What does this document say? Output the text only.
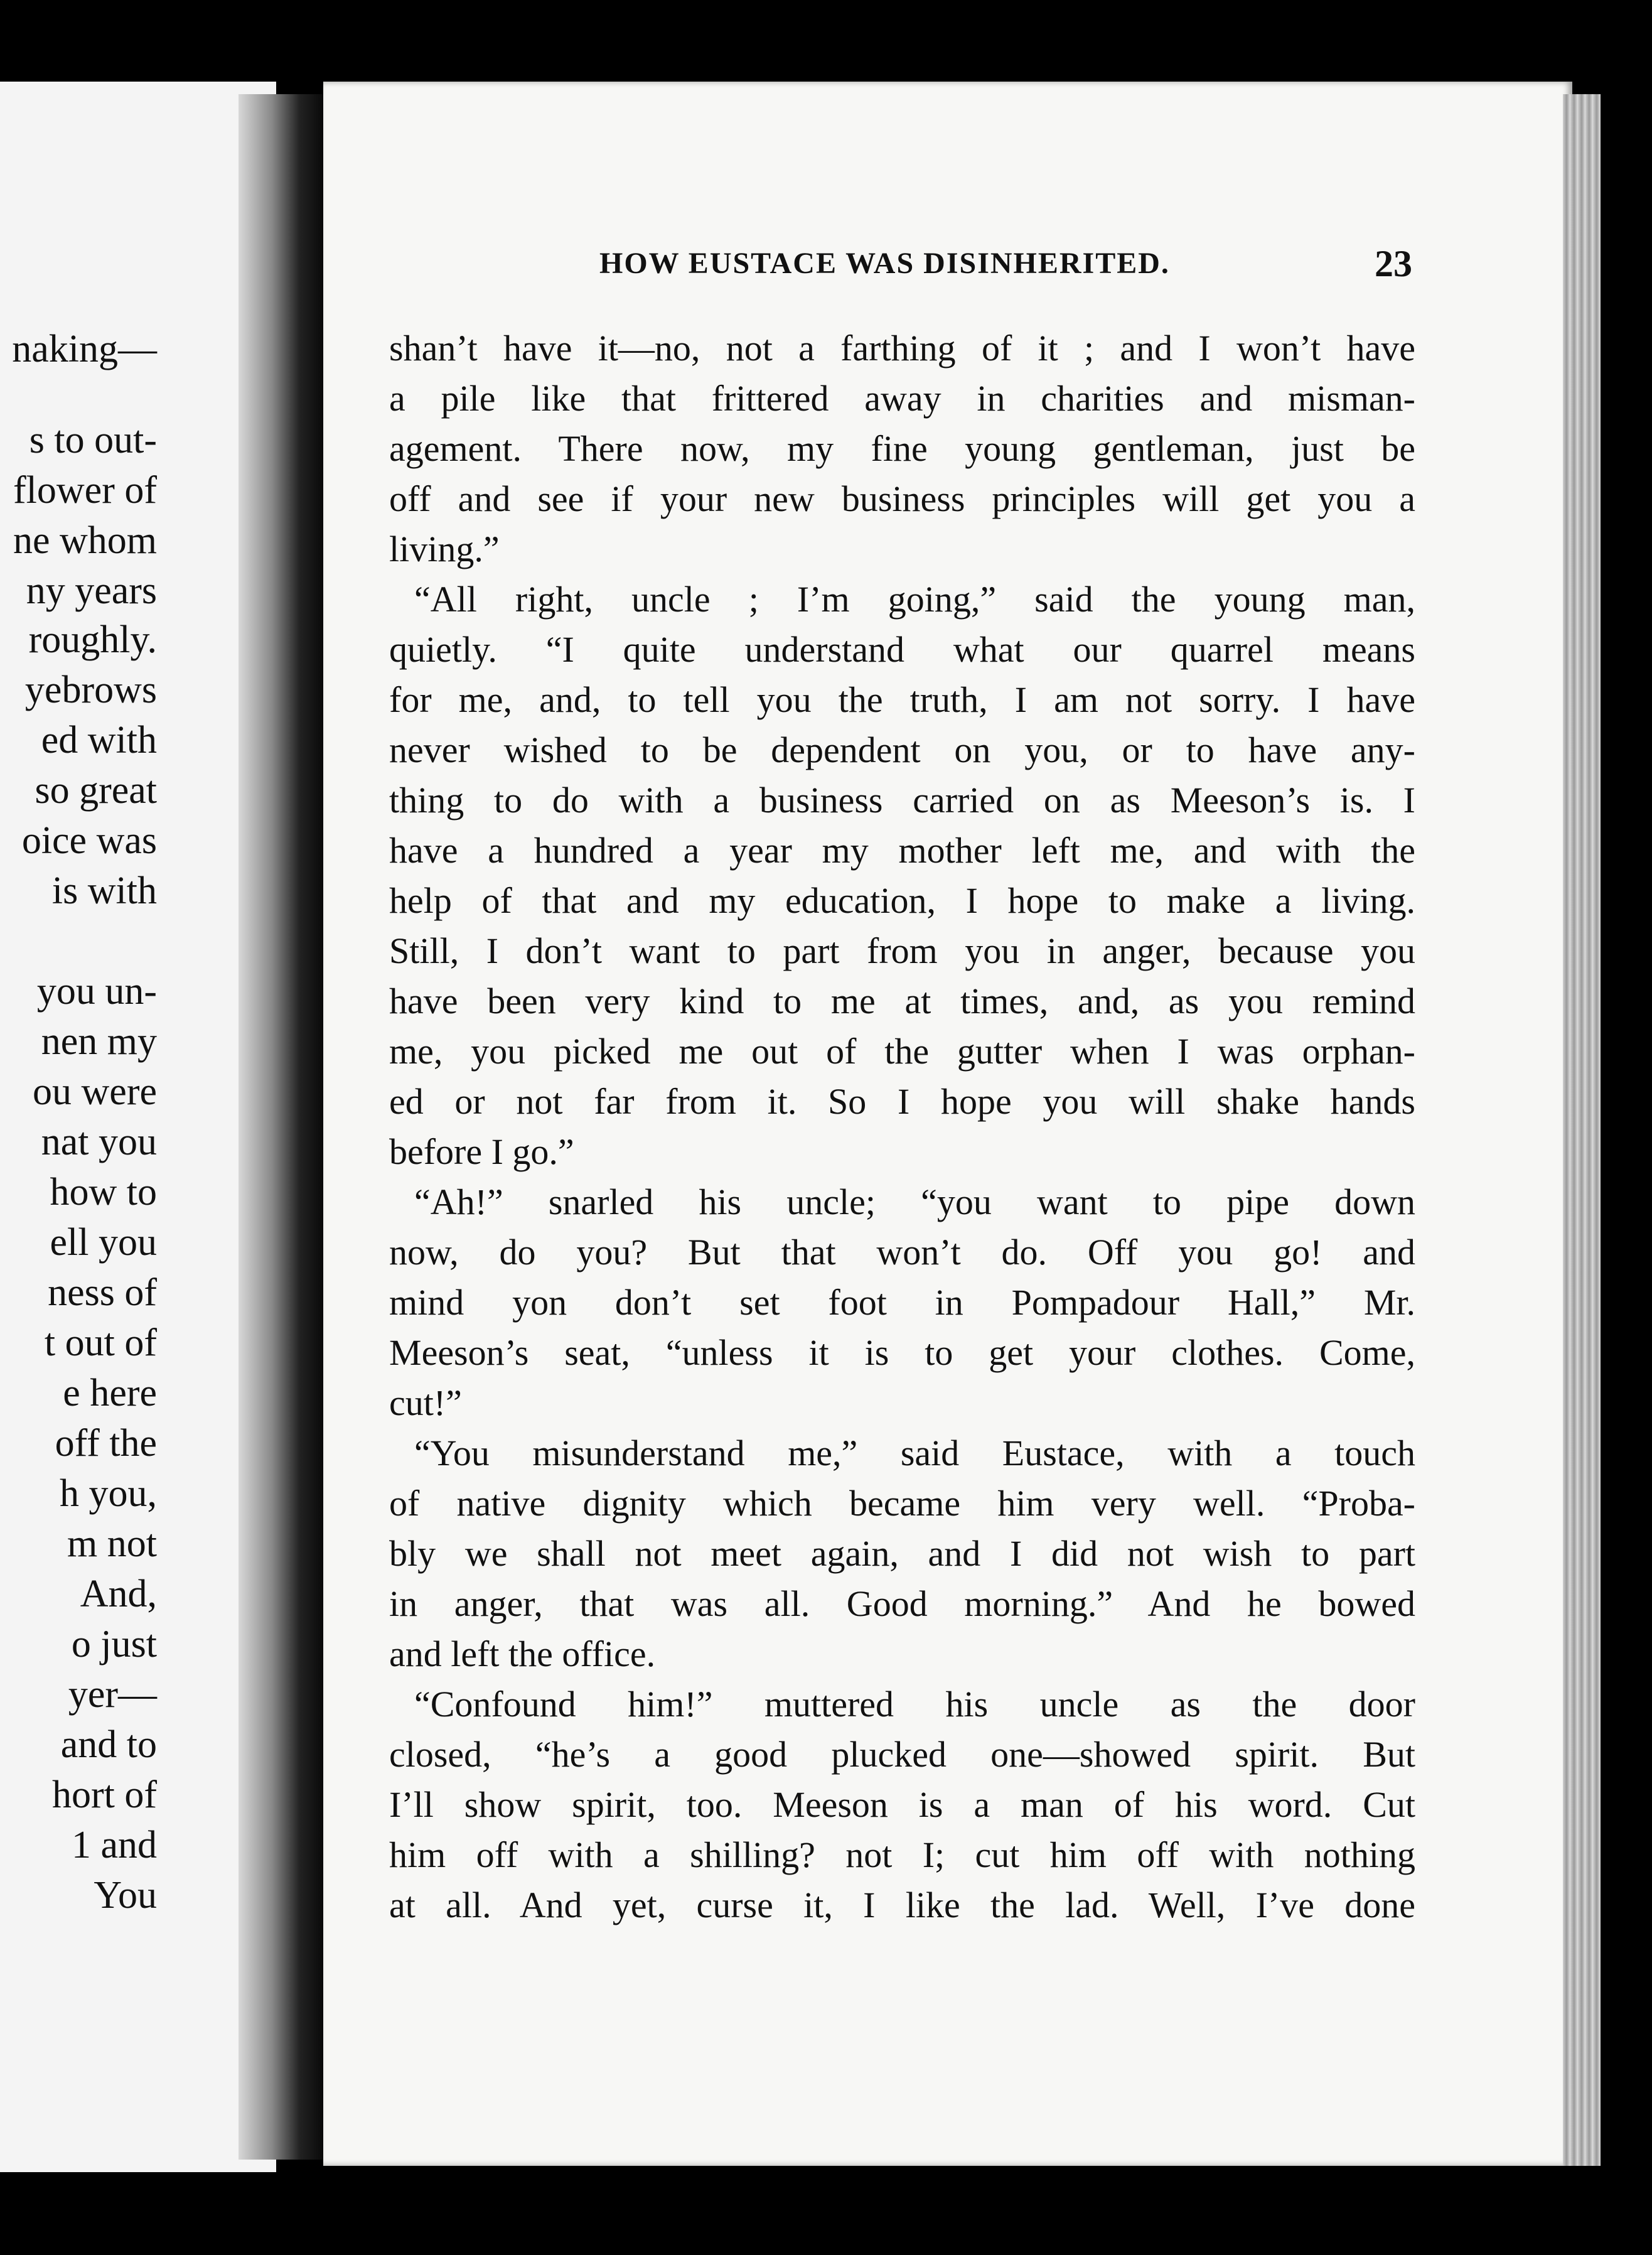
naking—
s to out-
flower of
ne whom
ny years
roughly.
yebrows
ed with
so great
oice was
is with
you un-
nen my
ou were
nat you
how to
ell you
ness of
t out of
e here
off the
h you,
m not
And,
o just
yer—
and to
hort of
1 and
You
HOW EUSTACE WAS DISINHERITED.	23
shan’t have it—no, not a farthing of it ; and I won’t have
a pile like that frittered away in charities and misman-
agement. There now, my fine young gentleman, just be
off and see if your new business principles will get you a
living.”
“All right, uncle ; I’m going,” said the young man,
quietly. “I quite understand what our quarrel means
for me, and, to tell you the truth, I am not sorry. I have
never wished to be dependent on you, or to have any-
thing to do with a business carried on as Meeson’s is. I
have a hundred a year my mother left me, and with the
help of that and my education, I hope to make a living.
Still, I don’t want to part from you in anger, because you
have been very kind to me at times, and, as you remind
me, you picked me out of the gutter when I was orphan-
ed or not far from it. So I hope you will shake hands
before I go.”
“Ah!” snarled his uncle; “you want to pipe down
now, do you? But that won’t do. Off you go! and
mind yon don’t set foot in Pompadour Hall,” Mr.
Meeson’s seat, “unless it is to get your clothes. Come,
cut!”
“You misunderstand me,” said Eustace, with a touch
of native dignity which became him very well. “Proba-
bly we shall not meet again, and I did not wish to part
in anger, that was all. Good morning.” And he bowed
and left the office.
“Confound him!” muttered his uncle as the door
closed, “he’s a good plucked one—showed spirit. But
I’ll show spirit, too. Meeson is a man of his word. Cut
him off with a shilling? not I; cut him off with nothing
at all. And yet, curse it, I like the lad. Well, I’ve done
